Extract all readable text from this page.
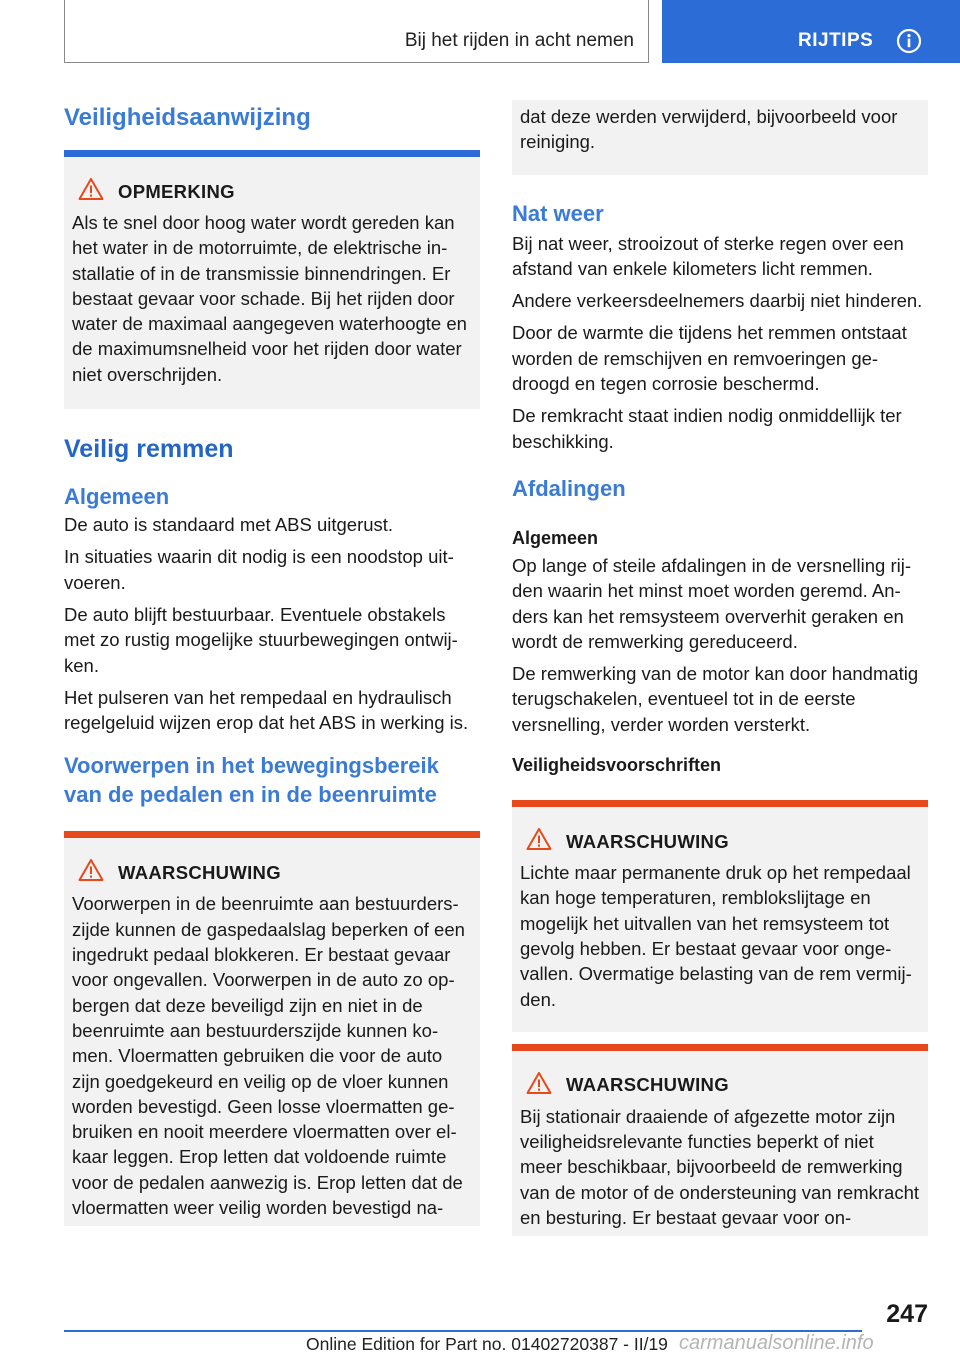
Bij het rijden in acht nemen	RIJTIPS
Veiligheidsaanwijzing
OPMERKING
Als te snel door hoog water wordt gereden kan het water in de motorruimte, de elektrische installatie of in de transmissie binnendringen. Er bestaat gevaar voor schade. Bij het rijden door water de maximaal aangegeven waterhoogte en de maximumsnelheid voor het rijden door water niet overschrijden.
Veilig remmen
Algemeen

De auto is standaard met ABS uitgerust.

In situaties waarin dit nodig is een noodstop uitvoeren.

De auto blijft bestuurbaar. Eventuele obstakels met zo rustig mogelijke stuurbewegingen ontwijken.

Het pulseren van het rempedaal en hydraulisch regelgeluid wijzen erop dat het ABS in werking is.

Voorwerpen in het bewegingsbereik van de pedalen en in de beenruimte
WAARSCHUWING
Voorwerpen in de beenruimte aan bestuurderszijde kunnen de gaspedaalslag beperken of een ingedrukt pedaal blokkeren. Er bestaat gevaar voor ongevallen. Voorwerpen in de auto zo opbergen dat deze beveiligd zijn en niet in de beenruimte aan bestuurderszijde kunnen komen. Vloermatten gebruiken die voor de auto zijn goedgekeurd en veilig op de vloer kunnen worden bevestigd. Geen losse vloermatten gebruiken en nooit meerdere vloermatten over elkaar leggen. Erop letten dat voldoende ruimte voor de pedalen aanwezig is. Erop letten dat de vloermatten weer veilig worden bevestigd na-
dat deze werden verwijderd, bijvoorbeeld voor reiniging.
Nat weer

Bij nat weer, strooizout of sterke regen over een afstand van enkele kilometers licht remmen.

Andere verkeersdeelnemers daarbij niet hinderen.

Door de warmte die tijdens het remmen ontstaat worden de remschijven en remvoeringen gedroogd en tegen corrosie beschermd.

De remkracht staat indien nodig onmiddellijk ter beschikking.

Afdalingen
Algemeen

Op lange of steile afdalingen in de versnelling rijden waarin het minst moet worden geremd. Anders kan het remsysteem oververhit geraken en wordt de remwerking gereduceerd.

De remwerking van de motor kan door handmatig terugschakelen, eventueel tot in de eerste versnelling, verder worden versterkt.

Veiligheidsvoorschriften
WAARSCHUWING
Lichte maar permanente druk op het rempedaal kan hoge temperaturen, remblokslijtage en mogelijk het uitvallen van het remsysteem tot gevolg hebben. Er bestaat gevaar voor ongevallen. Overmatige belasting van de rem vermijden.
WAARSCHUWING
Bij stationair draaiende of afgezette motor zijn veiligheidsrelevante functies beperkt of niet meer beschikbaar, bijvoorbeeld de remwerking van de motor of de ondersteuning van remkracht en besturing. Er bestaat gevaar voor on-
247
Online Edition for Part no. 01402720387 - II/19 carmanualsonline.info
